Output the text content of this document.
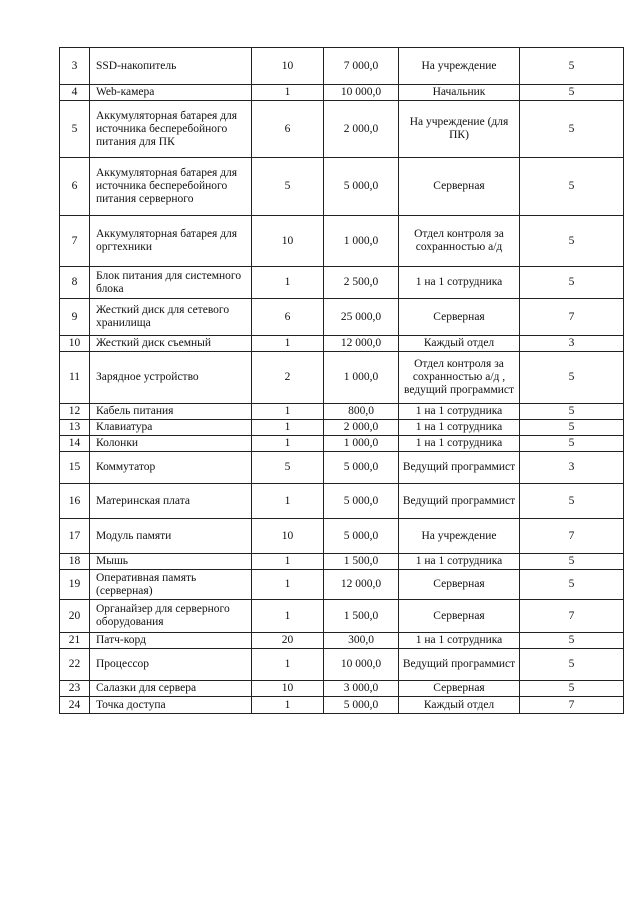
3	SSD-накопитель	10	7 000,0	На учреждение	5
4	Web-камера	1	10 000,0	Начальник	5
5	Аккумуляторная батарея для источника бесперебойного питания для ПК	6	2 000,0	На учреждение (для ПК)	5
6	Аккумуляторная батарея для источника бесперебойного питания серверного	5	5 000,0	Серверная	5
7	Аккумуляторная батарея для оргтехники	10	1 000,0	Отдел контроля за сохранностью а/д	5
8	Блок питания для системного блока	1	2 500,0	1 на 1 сотрудника	5
9	Жесткий диск для сетевого хранилища	6	25 000,0	Серверная	7
10	Жесткий диск съемный	1	12 000,0	Каждый отдел	3
11	Зарядное устройство	2	1 000,0	Отдел контроля за сохранностью а/д , ведущий программист	5
12	Кабель питания	1	800,0	1 на 1 сотрудника	5
13	Клавиатура	1	2 000,0	1 на 1 сотрудника	5
14	Колонки	1	1 000,0	1 на 1 сотрудника	5
15	Коммутатор	5	5 000,0	Ведущий программист	3
16	Материнская плата	1	5 000,0	Ведущий программист	5
17	Модуль памяти	10	5 000,0	На учреждение	7
18	Мышь	1	1 500,0	1 на 1 сотрудника	5
19	Оперативная память (серверная)	1	12 000,0	Серверная	5
20	Органайзер для серверного оборудования	1	1 500,0	Серверная	7
21	Патч-корд	20	300,0	1 на 1 сотрудника	5
22	Процессор	1	10 000,0	Ведущий программист	5
23	Салазки для сервера	10	3 000,0	Серверная	5
24	Точка доступа	1	5 000,0	Каждый отдел	7
